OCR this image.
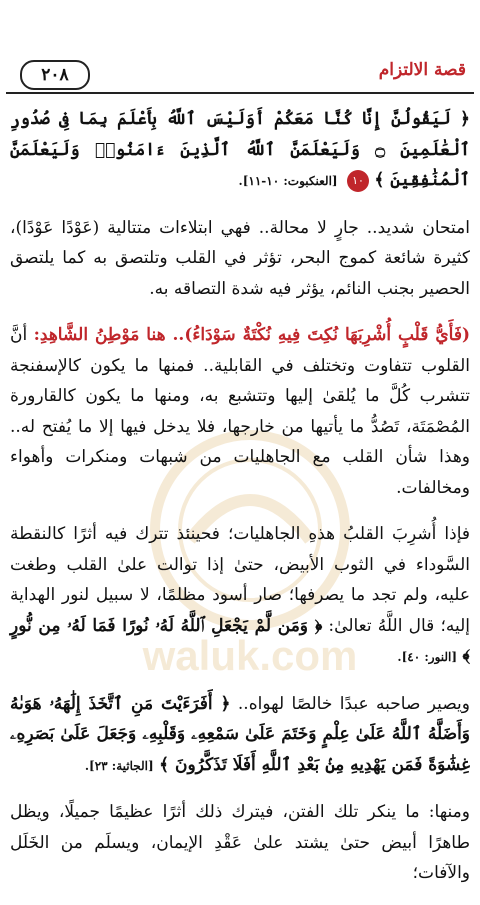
قصة الالتزام
٢٠٨
waluk.com

﴿ لَيَقُولُنَّ إِنَّا كُنَّا مَعَكُمْ أَوَلَيْسَ ٱللَّهُ بِأَعْلَمَ بِمَا فِى صُدُورِ ٱلْعَٰلَمِينَ ۝ وَلَيَعْلَمَنَّ ٱللَّهُ ٱلَّذِينَ ءَامَنُوا۟ وَلَيَعْلَمَنَّ ٱلْمُنَٰفِقِينَ ﴾ ١٠ [العنكبوت: ١٠-١١].

امتحان شديد.. جارٍ لا محالة.. فهي ابتلاءات متتالية (عَوْدًا عَوْدًا)، كثيرة شائعة كموج البحر، تؤثر في القلب وتلتصق به كما يلتصق الحصير بجنب النائم، يؤثر فيه شدة التصاقه به.

(فَأَيُّ قَلْبٍ أُشْرِبَهَا نُكِتَ فِيهِ نُكْتَةٌ سَوْدَاءُ).. هنا مَوْطِنُ الشَّاهِدِ: أنَّ القلوب تتفاوت وتختلف في القابلية.. فمنها ما يكون كالإسفنجة تتشرب كُلَّ ما يُلقىٰ إليها وتتشبع به، ومنها ما يكون كالقارورة المُصْمَتَة، تَصُدُّ ما يأتيها من خارجها، فلا يدخل فيها إلا ما يُفتح له.. وهذا شأن القلب مع الجاهليات من شبهات ومنكرات وأهواء ومخالفات.

فإذا أُشرِبَ القلبُ هذهِ الجاهليات؛ فحينئذ تترك فيه أثرًا كالنقطة السَّوداء في الثوب الأبيض، حتىٰ إذا توالت علىٰ القلب وطغت عليه، ولم تجد ما يصرفها؛ صار أسود مظلمًا، لا سبيل لنور الهداية إليه؛ قال اللَّهُ تعالىٰ: ﴿ وَمَن لَّمْ يَجْعَلِ ٱللَّهُ لَهُۥ نُورًا فَمَا لَهُۥ مِن نُّورٍ ﴾ [النور: ٤٠].

ويصير صاحبه عبدًا خالصًا لهواه.. ﴿ أَفَرَءَيْتَ مَنِ ٱتَّخَذَ إِلَٰهَهُۥ هَوَىٰهُ وَأَضَلَّهُ ٱللَّهُ عَلَىٰ عِلْمٍ وَخَتَمَ عَلَىٰ سَمْعِهِۦ وَقَلْبِهِۦ وَجَعَلَ عَلَىٰ بَصَرِهِۦ غِشَٰوَةً فَمَن يَهْدِيهِ مِنۢ بَعْدِ ٱللَّهِ أَفَلَا تَذَكَّرُونَ ﴾ [الجاثية: ٢٣].

ومنها: ما ينكر تلك الفتن، فيترك ذلك أثرًا عظيمًا جميلًا، ويظل طاهرًا أبيض حتىٰ يشتد علىٰ عَقْدِ الإيمان، ويسلَم من الخَلَل والآفات؛
